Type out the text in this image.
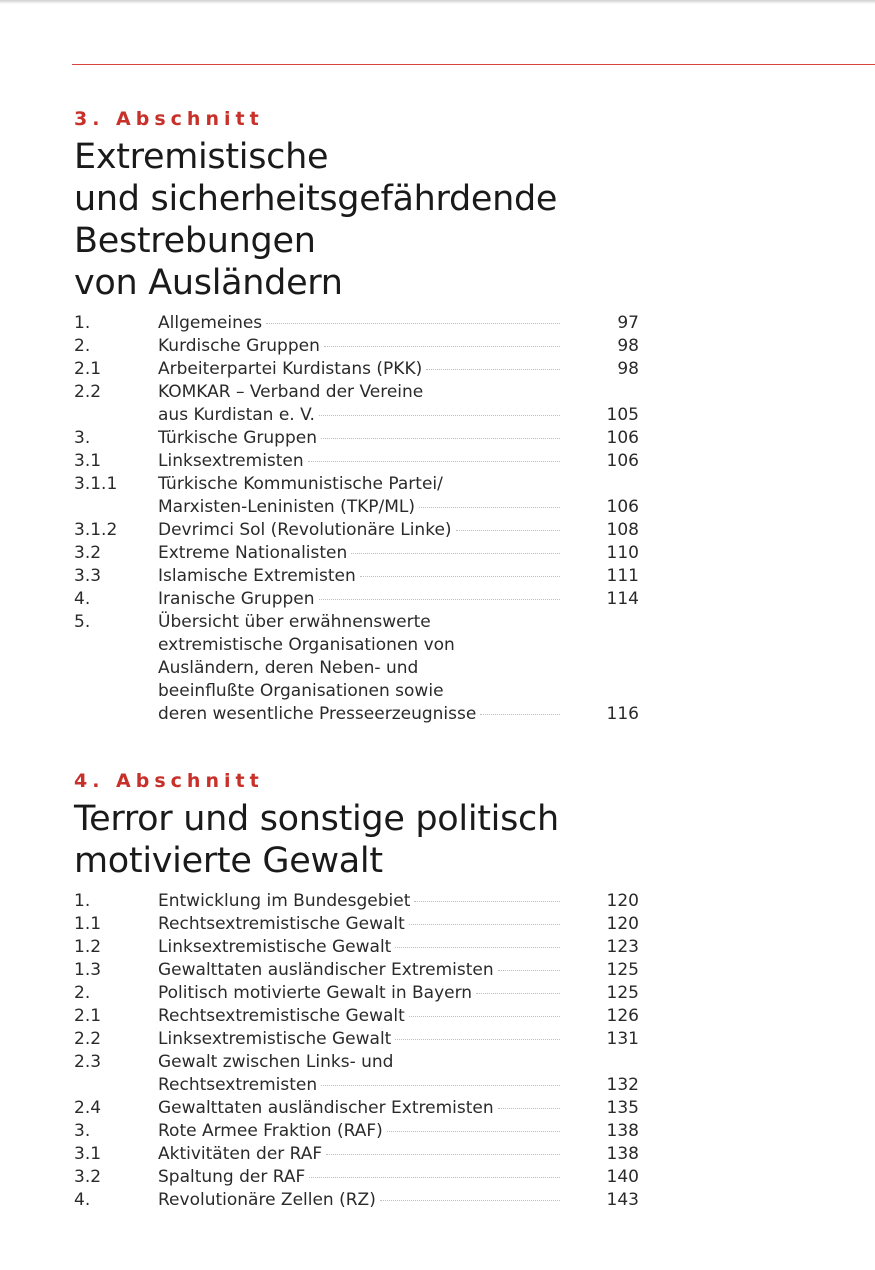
3. Abschnitt
Extremistische
und sicherheitsgefährdende
Bestrebungen
von Ausländern
1.	Allgemeines	97
2.	Kurdische Gruppen	98
2.1	Arbeiterpartei Kurdistans (PKK)	98
2.2	KOMKAR – Verband der Vereine
aus Kurdistan e. V.	105
3.	Türkische Gruppen	106
3.1	Linksextremisten	106
3.1.1	Türkische Kommunistische Partei/
Marxisten-Leninisten (TKP/ML)	106
3.1.2	Devrimci Sol (Revolutionäre Linke)	108
3.2	Extreme Nationalisten	110
3.3	Islamische Extremisten	111
4.	Iranische Gruppen	114
5.	Übersicht über erwähnenswerte
extremistische Organisationen von
Ausländern, deren Neben- und
beeinflußte Organisationen sowie
deren wesentliche Presseerzeugnisse	116
4. Abschnitt
Terror und sonstige politisch
motivierte Gewalt
1.	Entwicklung im Bundesgebiet	120
1.1	Rechtsextremistische Gewalt	120
1.2	Linksextremistische Gewalt	123
1.3	Gewalttaten ausländischer Extremisten	125
2.	Politisch motivierte Gewalt in Bayern	125
2.1	Rechtsextremistische Gewalt	126
2.2	Linksextremistische Gewalt	131
2.3	Gewalt zwischen Links- und
Rechtsextremisten	132
2.4	Gewalttaten ausländischer Extremisten	135
3.	Rote Armee Fraktion (RAF)	138
3.1	Aktivitäten der RAF	138
3.2	Spaltung der RAF	140
4.	Revolutionäre Zellen (RZ)	143
